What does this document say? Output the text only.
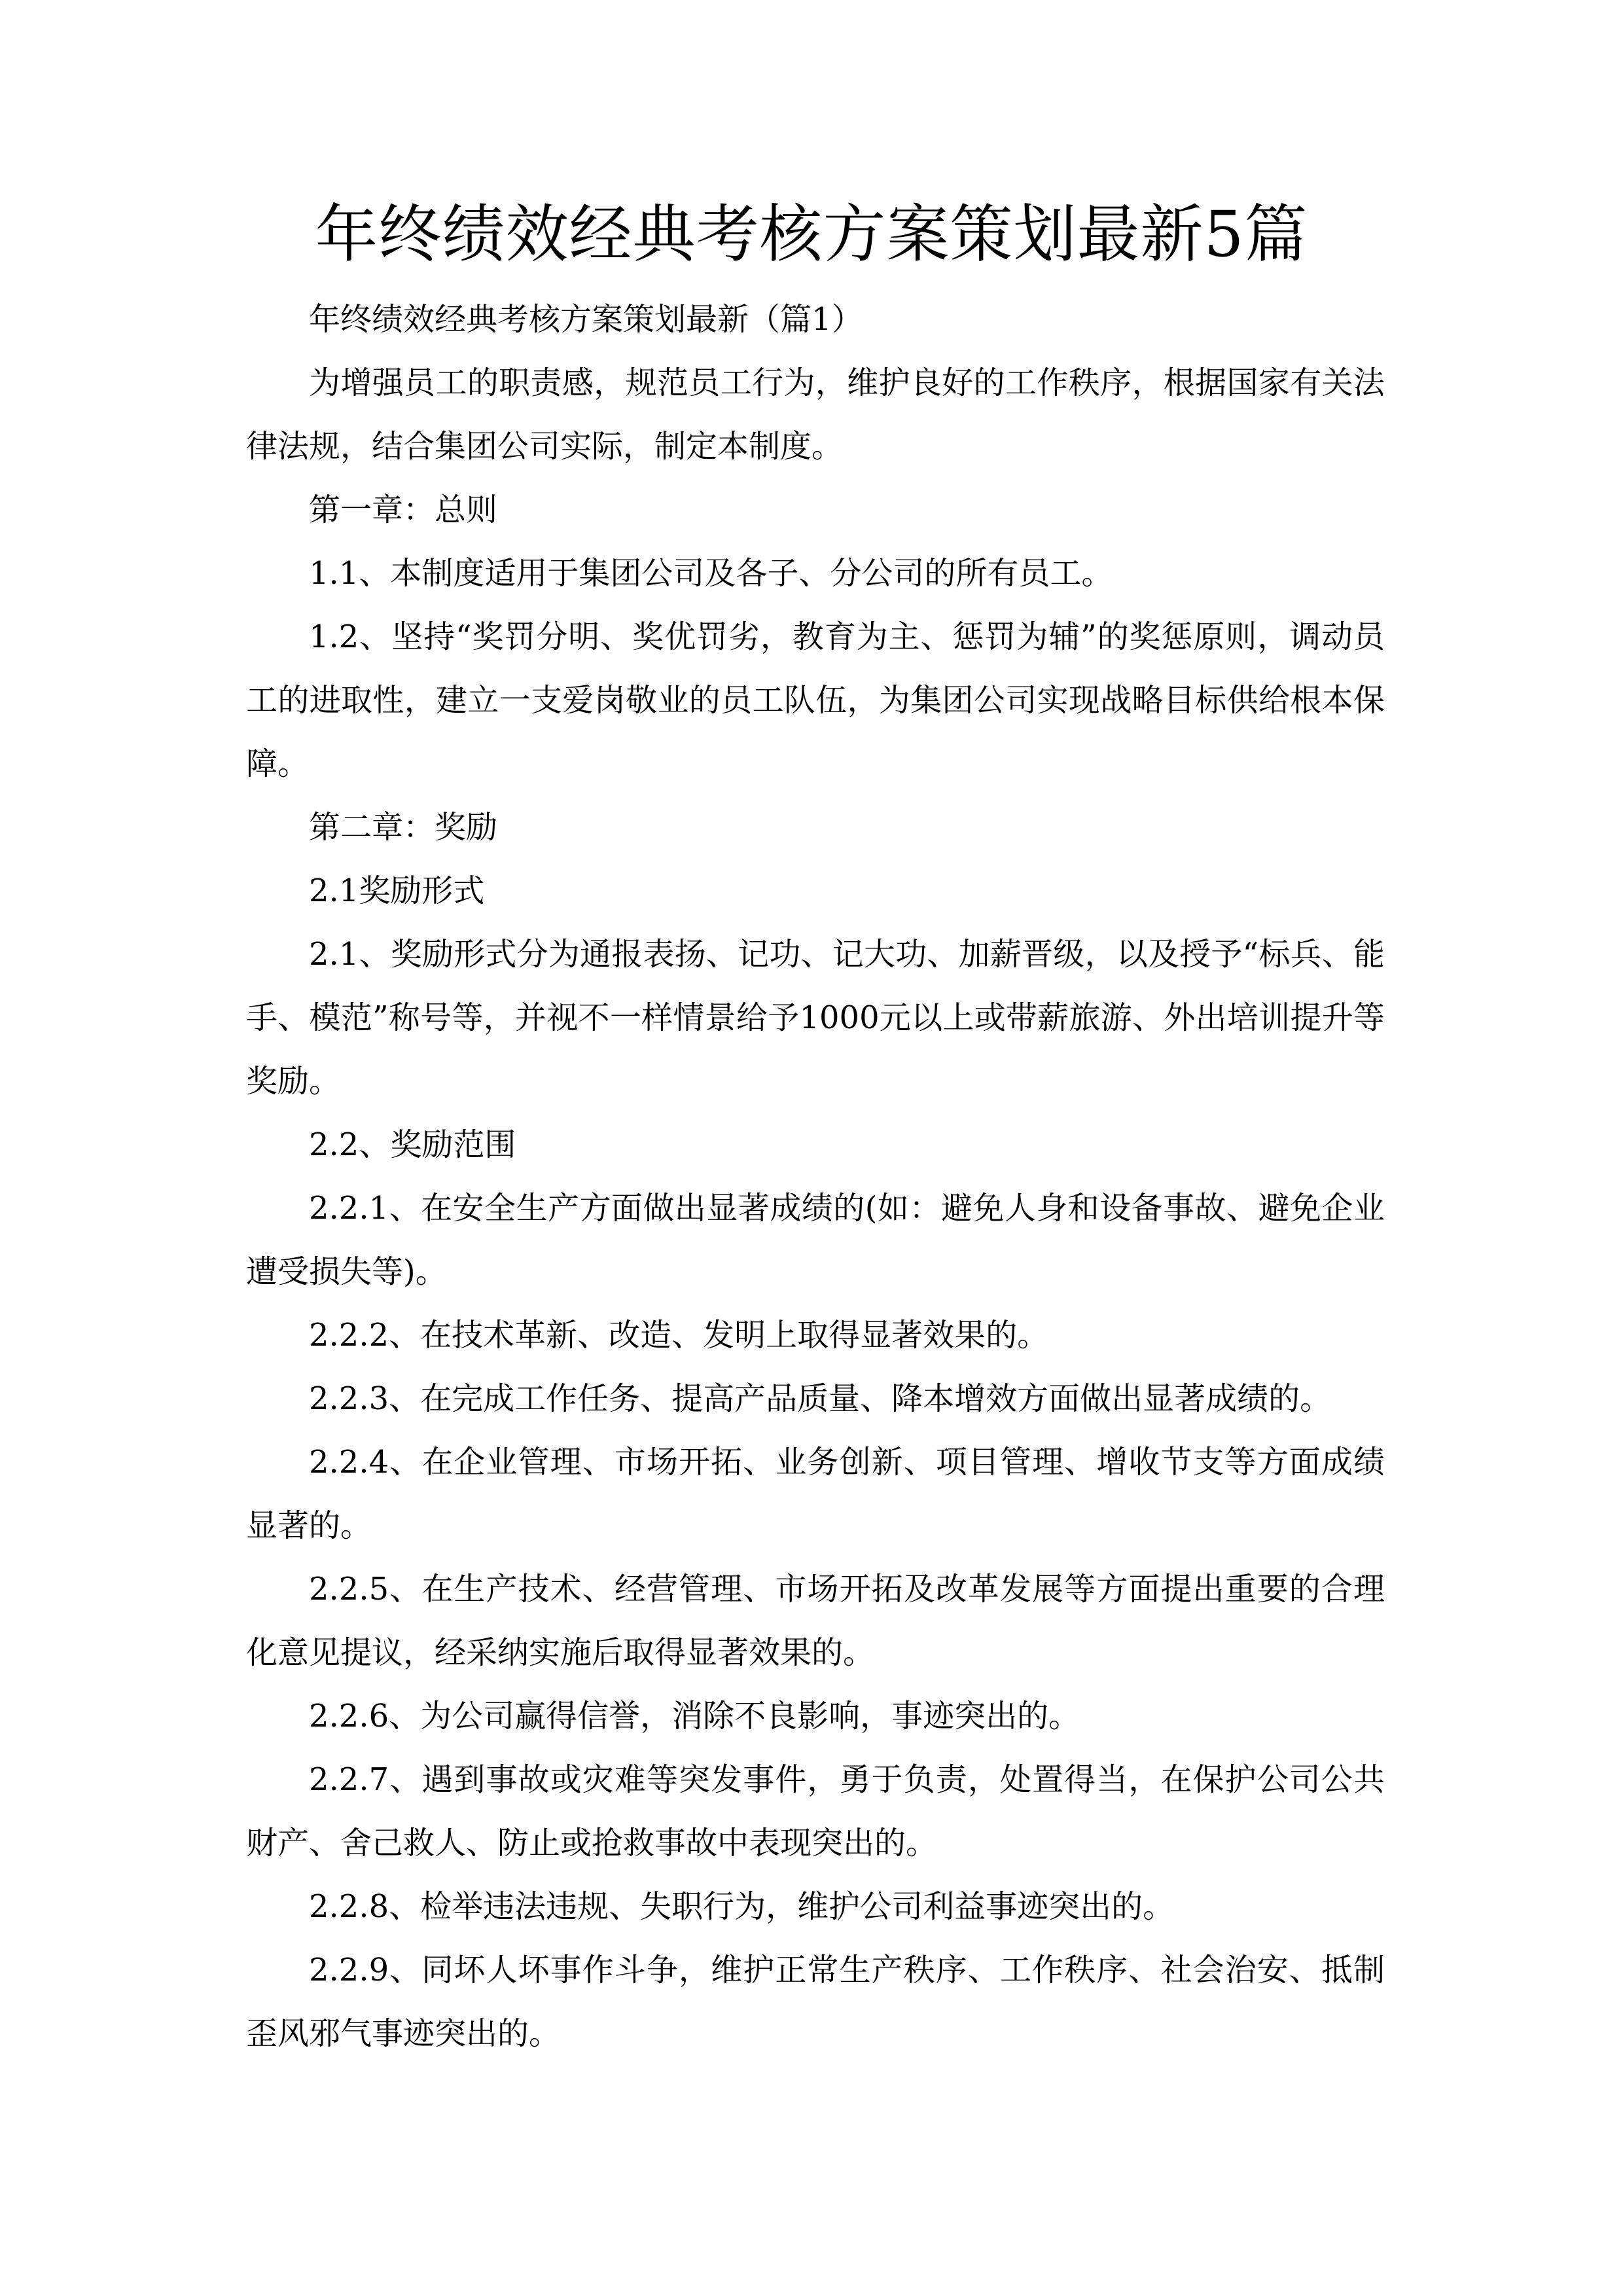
年终绩效经典考核方案策划最新5篇

年终绩效经典考核方案策划最新（篇1）

为增强员工的职责感，规范员工行为，维护良好的工作秩序，根据国家有关法律法规，结合集团公司实际，制定本制度。

第一章：总则

1.1、本制度适用于集团公司及各子、分公司的所有员工。

1.2、坚持“奖罚分明、奖优罚劣，教育为主、惩罚为辅”的奖惩原则，调动员工的进取性，建立一支爱岗敬业的员工队伍，为集团公司实现战略目标供给根本保障。

第二章：奖励

2.1奖励形式

2.1、奖励形式分为通报表扬、记功、记大功、加薪晋级，以及授予“标兵、能手、模范”称号等，并视不一样情景给予1000元以上或带薪旅游、外出培训提升等奖励。

2.2、奖励范围

2.2.1、在安全生产方面做出显著成绩的(如：避免人身和设备事故、避免企业遭受损失等)。

2.2.2、在技术革新、改造、发明上取得显著效果的。

2.2.3、在完成工作任务、提高产品质量、降本增效方面做出显著成绩的。

2.2.4、在企业管理、市场开拓、业务创新、项目管理、增收节支等方面成绩显著的。

2.2.5、在生产技术、经营管理、市场开拓及改革发展等方面提出重要的合理化意见提议，经采纳实施后取得显著效果的。

2.2.6、为公司赢得信誉，消除不良影响，事迹突出的。

2.2.7、遇到事故或灾难等突发事件，勇于负责，处置得当，在保护公司公共财产、舍己救人、防止或抢救事故中表现突出的。

2.2.8、检举违法违规、失职行为，维护公司利益事迹突出的。

2.2.9、同坏人坏事作斗争，维护正常生产秩序、工作秩序、社会治安、抵制歪风邪气事迹突出的。
